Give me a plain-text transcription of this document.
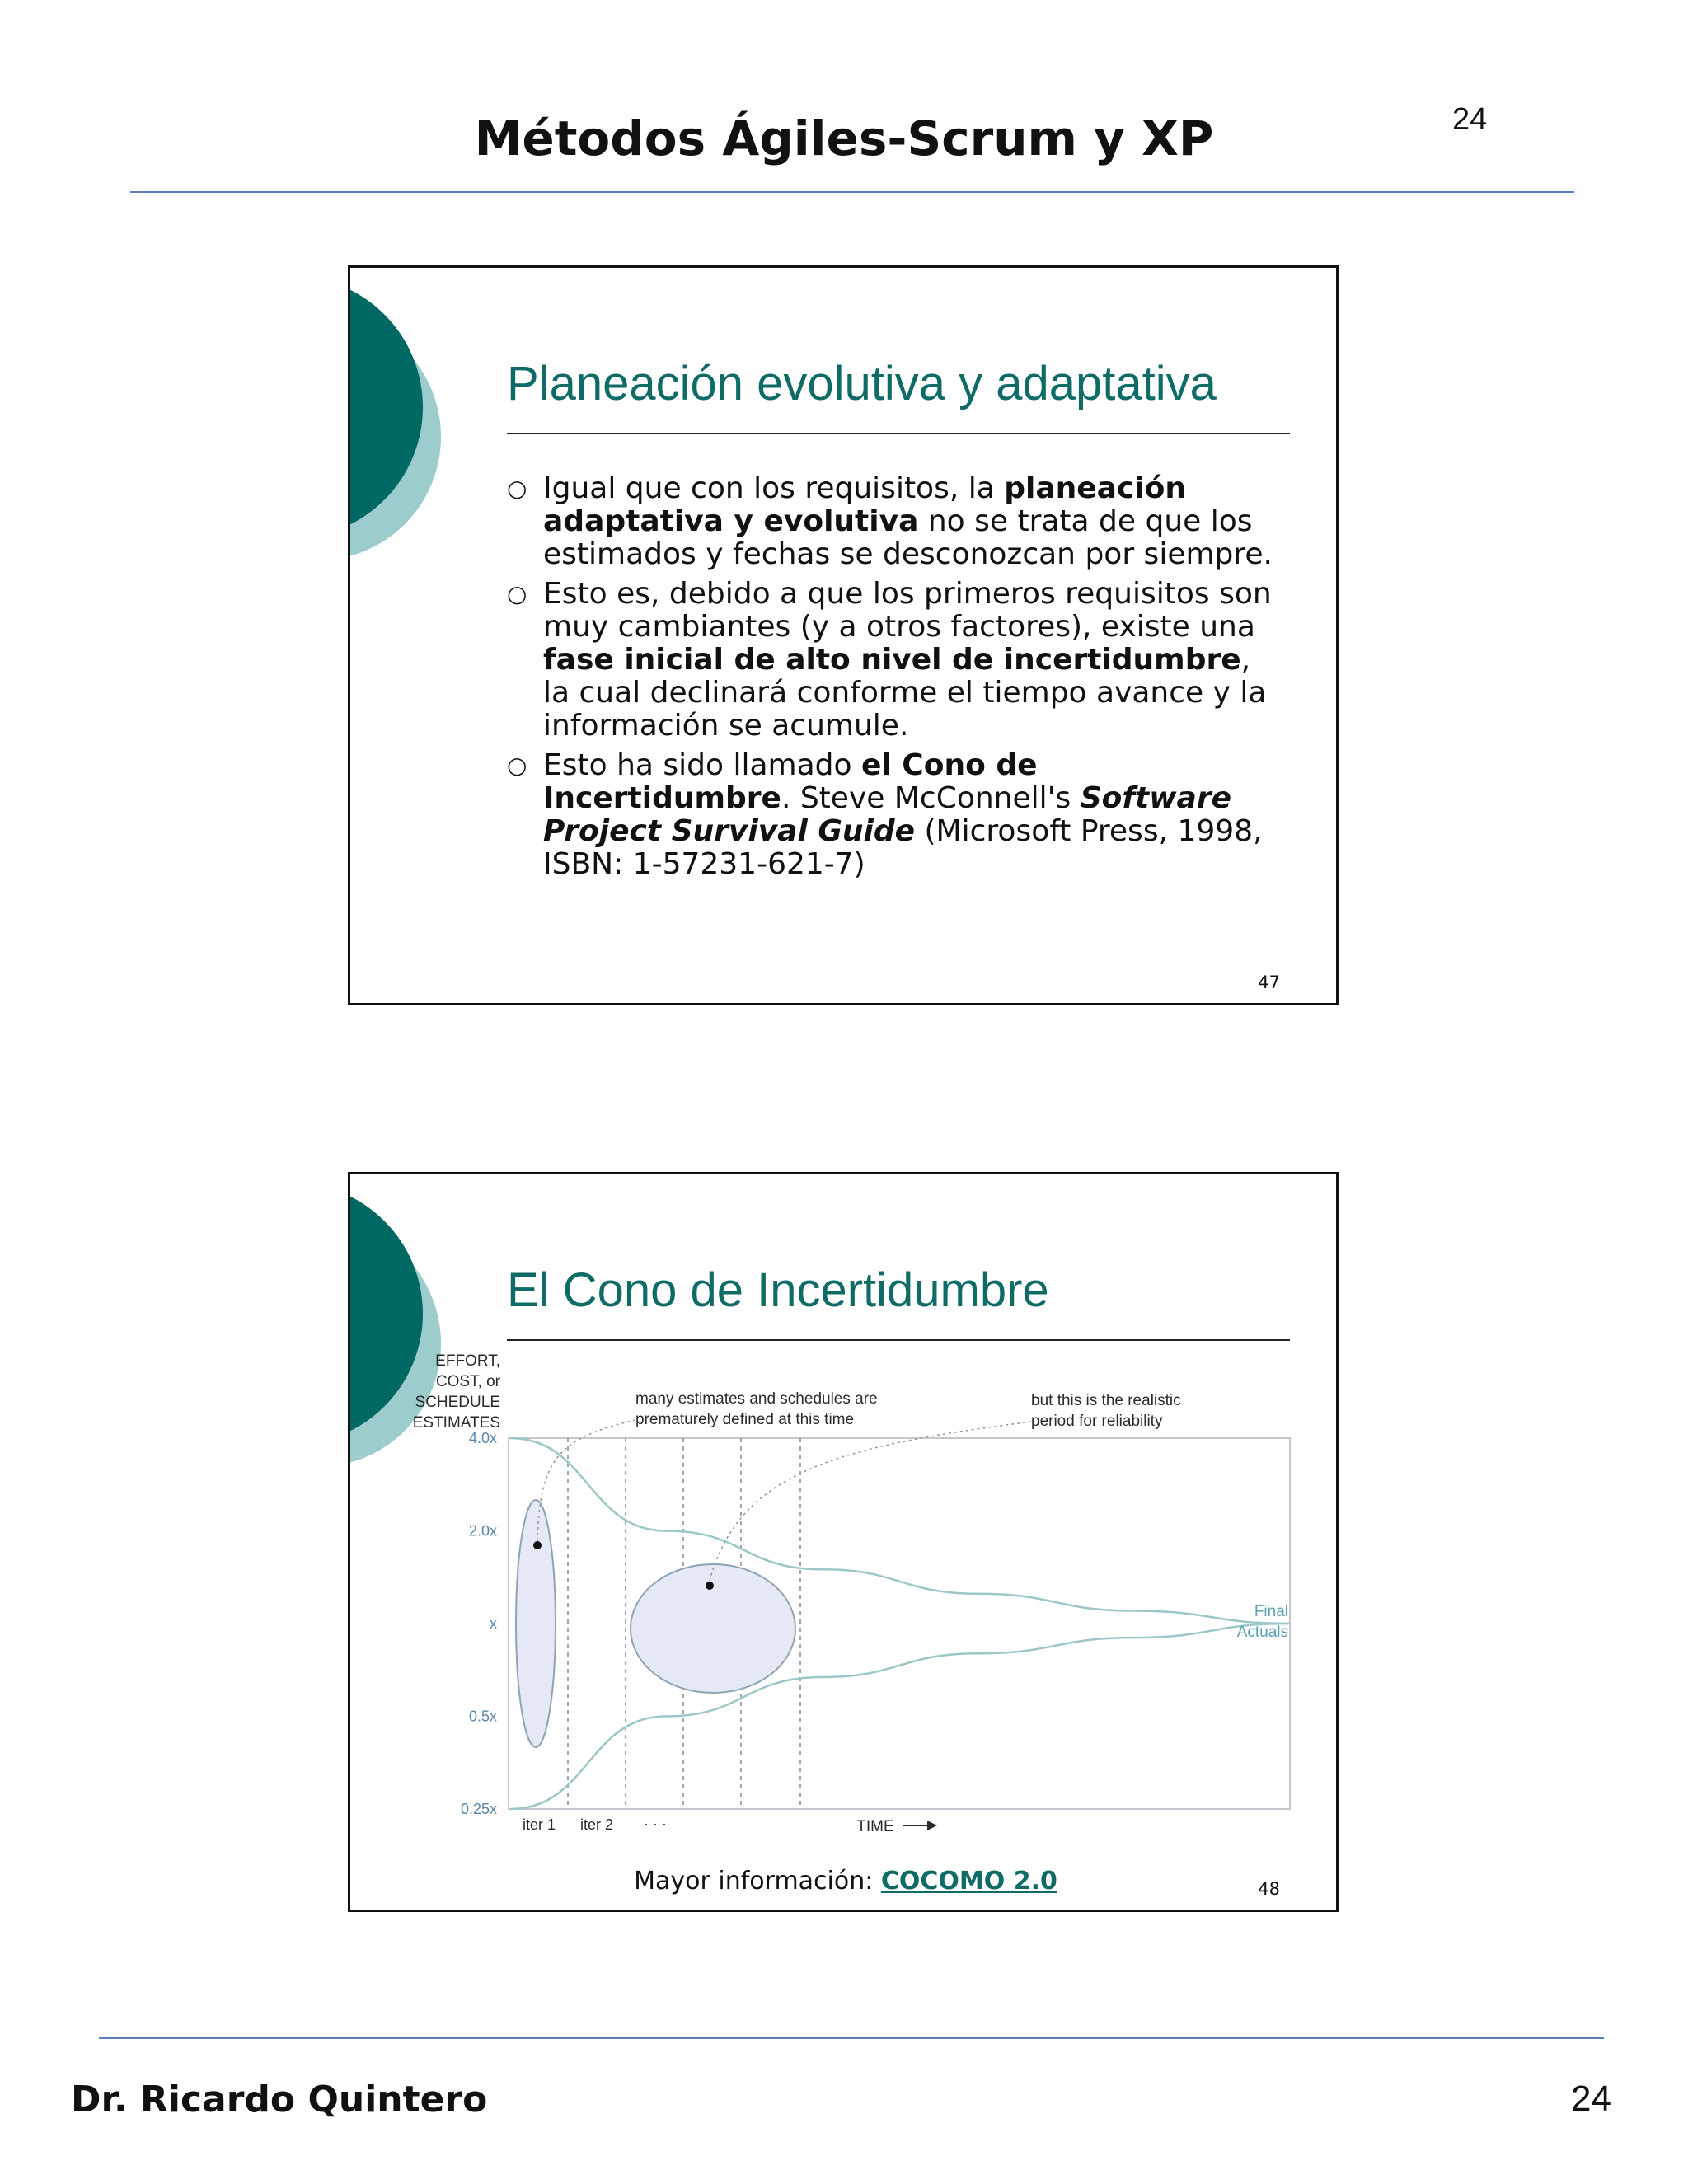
Métodos Ágiles-Scrum y XP	24
Planeación evolutiva y adaptativa
○ Igual que con los requisitos, la planeación adaptativa y evolutiva no se trata de que los estimados y fechas se desconozcan por siempre.
○ Esto es, debido a que los primeros requisitos son muy cambiantes (y a otros factores), existe una fase inicial de alto nivel de incertidumbre, la cual declinará conforme el tiempo avance y la información se acumule.
○ Esto ha sido llamado el Cono de Incertidumbre. Steve McConnell's Software Project Survival Guide (Microsoft Press, 1998, ISBN: 1-57231-621-7)
47
El Cono de Incertidumbre
4.0x
2.0x
x
0.5x
0.25x
EFFORT,
COST, or
SCHEDULE
ESTIMATES
iter 1 iter 2 · · ·	TIME
many estimates and schedules are
prematurely defined at this time
but this is the realistic
period for reliability
Final
Actuals
Mayor información: COCOMO 2.0	48
Dr. Ricardo Quintero	24
